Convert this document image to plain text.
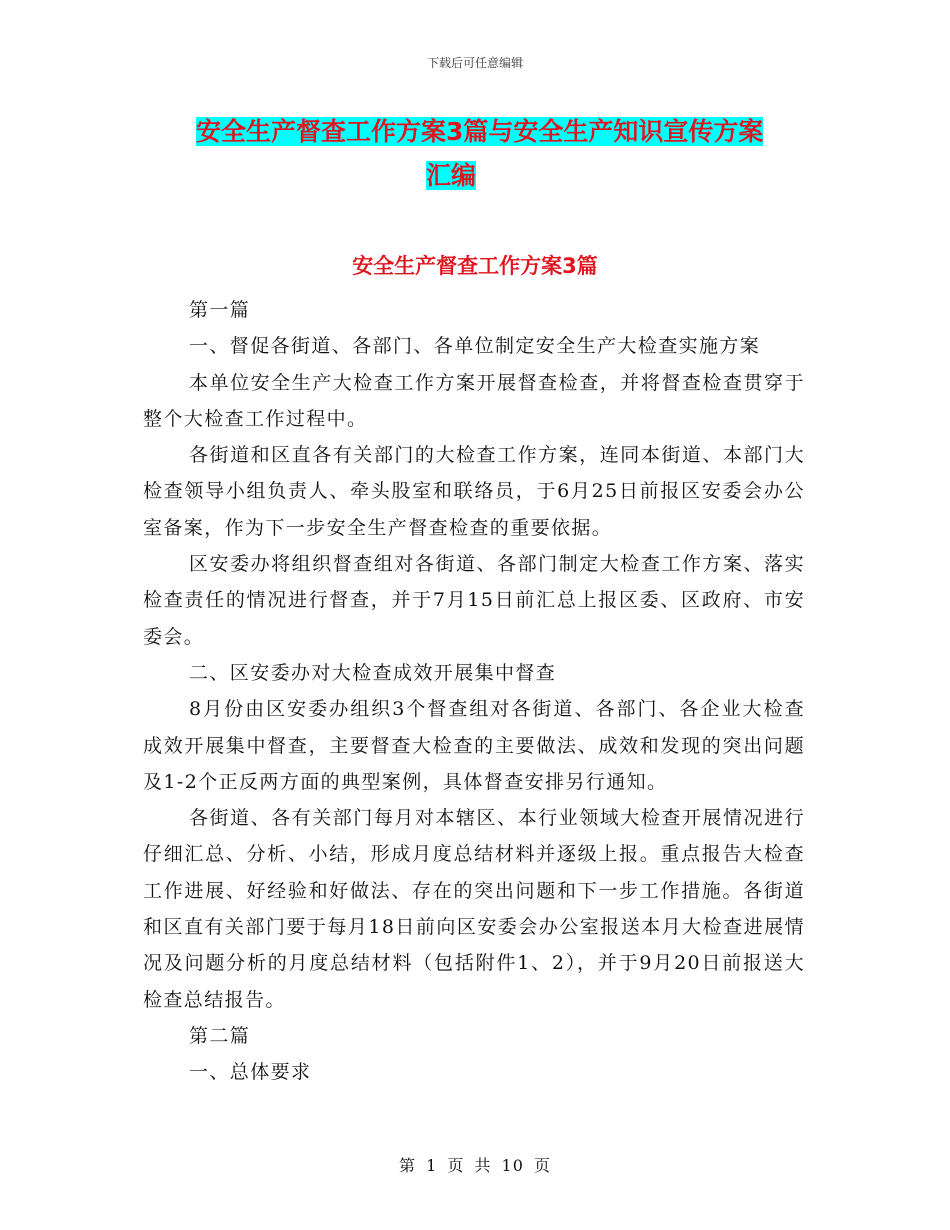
下载后可任意编辑
安全生产督查工作方案3篇与安全生产知识宣传方案
汇编
安全生产督查工作方案3篇

第一篇

一、督促各街道、各部门、各单位制定安全生产大检查实施方案

本单位安全生产大检查工作方案开展督查检查，并将督查检查贯穿于整个大检查工作过程中。

各街道和区直各有关部门的大检查工作方案，连同本街道、本部门大检查领导小组负责人、牵头股室和联络员，于6月25日前报区安委会办公室备案，作为下一步安全生产督查检查的重要依据。

区安委办将组织督查组对各街道、各部门制定大检查工作方案、落实检查责任的情况进行督查，并于7月15日前汇总上报区委、区政府、市安委会。

二、区安委办对大检查成效开展集中督查

8月份由区安委办组织3个督查组对各街道、各部门、各企业大检查成效开展集中督查，主要督查大检查的主要做法、成效和发现的突出问题及1-2个正反两方面的典型案例，具体督查安排另行通知。

各街道、各有关部门每月对本辖区、本行业领域大检查开展情况进行仔细汇总、分析、小结，形成月度总结材料并逐级上报。重点报告大检查工作进展、好经验和好做法、存在的突出问题和下一步工作措施。各街道和区直有关部门要于每月18日前向区安委会办公室报送本月大检查进展情况及问题分析的月度总结材料（包括附件1、2），并于9月20日前报送大检查总结报告。

第二篇

一、总体要求

第 1 页 共 10 页
